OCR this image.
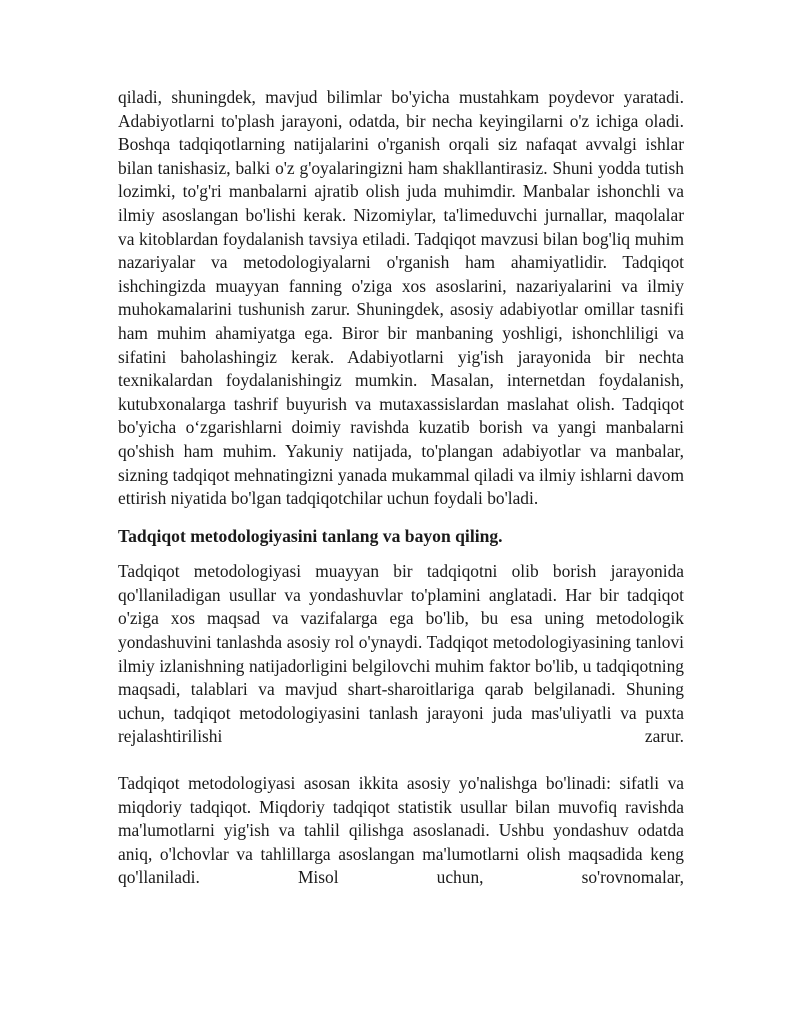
qiladi, shuningdek, mavjud bilimlar bo'yicha mustahkam poydevor yaratadi. Adabiyotlarni to'plash jarayoni, odatda, bir necha keyingilarni o'z ichiga oladi. Boshqa tadqiqotlarning natijalarini o'rganish orqali siz nafaqat avvalgi ishlar bilan tanishasiz, balki o'z g'oyalaringizni ham shakllantirasiz. Shuni yodda tutish lozimki, to'g'ri manbalarni ajratib olish juda muhimdir. Manbalar ishonchli va ilmiy asoslangan bo'lishi kerak. Nizomiylar, ta'limeduvchi jurnallar, maqolalar va kitoblardan foydalanish tavsiya etiladi. Tadqiqot mavzusi bilan bog'liq muhim nazariyalar va metodologiyalarni o'rganish ham ahamiyatlidir. Tadqiqot ishchingizda muayyan fanning o'ziga xos asoslarini, nazariyalarini va ilmiy muhokamalarini tushunish zarur. Shuningdek, asosiy adabiyotlar omillar tasnifi ham muhim ahamiyatga ega. Biror bir manbaning yoshligi, ishonchliligi va sifatini baholashingiz kerak. Adabiyotlarni yig'ish jarayonida bir nechta texnikalardan foydalanishingiz mumkin. Masalan, internetdan foydalanish, kutubxonalarga tashrif buyurish va mutaxassislardan maslahat olish. Tadqiqot bo'yicha o‘zgarishlarni doimiy ravishda kuzatib borish va yangi manbalarni qo'shish ham muhim. Yakuniy natijada, to'plangan adabiyotlar va manbalar, sizning tadqiqot mehnatingizni yanada mukammal qiladi va ilmiy ishlarni davom ettirish niyatida bo'lgan tadqiqotchilar uchun foydali bo'ladi.

Tadqiqot metodologiyasini tanlang va bayon qiling.

Tadqiqot metodologiyasi muayyan bir tadqiqotni olib borish jarayonida qo'llaniladigan usullar va yondashuvlar to'plamini anglatadi. Har bir tadqiqot o'ziga xos maqsad va vazifalarga ega bo'lib, bu esa uning metodologik yondashuvini tanlashda asosiy rol o'ynaydi. Tadqiqot metodologiyasining tanlovi ilmiy izlanishning natijadorligini belgilovchi muhim faktor bo'lib, u tadqiqotning maqsadi, talablari va mavjud shart-sharoitlariga qarab belgilanadi. Shuning uchun, tadqiqot metodologiyasini tanlash jarayoni juda mas'uliyatli va puxta rejalashtirilishi zarur.

Tadqiqot metodologiyasi asosan ikkita asosiy yo'nalishga bo'linadi: sifatli va miqdoriy tadqiqot. Miqdoriy tadqiqot statistik usullar bilan muvofiq ravishda ma'lumotlarni yig'ish va tahlil qilishga asoslanadi. Ushbu yondashuv odatda aniq, o'lchovlar va tahlillarga asoslangan ma'lumotlarni olish maqsadida keng qo'llaniladi. Misol uchun, so'rovnomalar,
